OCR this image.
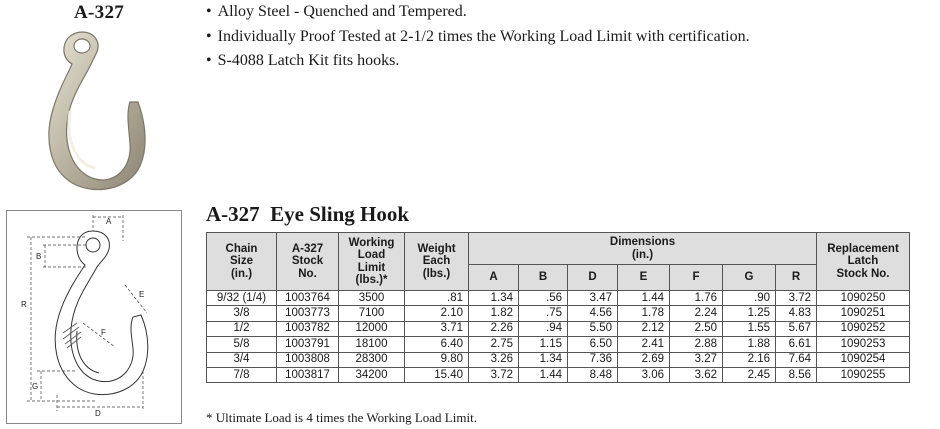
A-327	• Alloy Steel - Quenched and Tempered.
• Individually Proof Tested at 2-1/2 times the Working Load Limit with certification.
• S-4088 Latch Kit fits hooks.
A
B
R
G
D
E
F
A-327  Eye Sling Hook
Chain
Size
(in.)	A-327
Stock
No.	Working
Load
Limit
(lbs.)*	Weight
Each
(lbs.)	Dimensions
(in.)							Replacement
Latch
Stock No.
				A	B	D	E	F	G	R	
9/32 (1/4)	1003764	3500	.81	1.34	.56	3.47	1.44	1.76	.90	3.72	1090250
3/8	1003773	7100	2.10	1.82	.75	4.56	1.78	2.24	1.25	4.83	1090251
1/2	1003782	12000	3.71	2.26	.94	5.50	2.12	2.50	1.55	5.67	1090252
5/8	1003791	18100	6.40	2.75	1.15	6.50	2.41	2.88	1.88	6.61	1090253
3/4	1003808	28300	9.80	3.26	1.34	7.36	2.69	3.27	2.16	7.64	1090254
7/8	1003817	34200	15.40	3.72	1.44	8.48	3.06	3.62	2.45	8.56	1090255
* Ultimate Load is 4 times the Working Load Limit.
